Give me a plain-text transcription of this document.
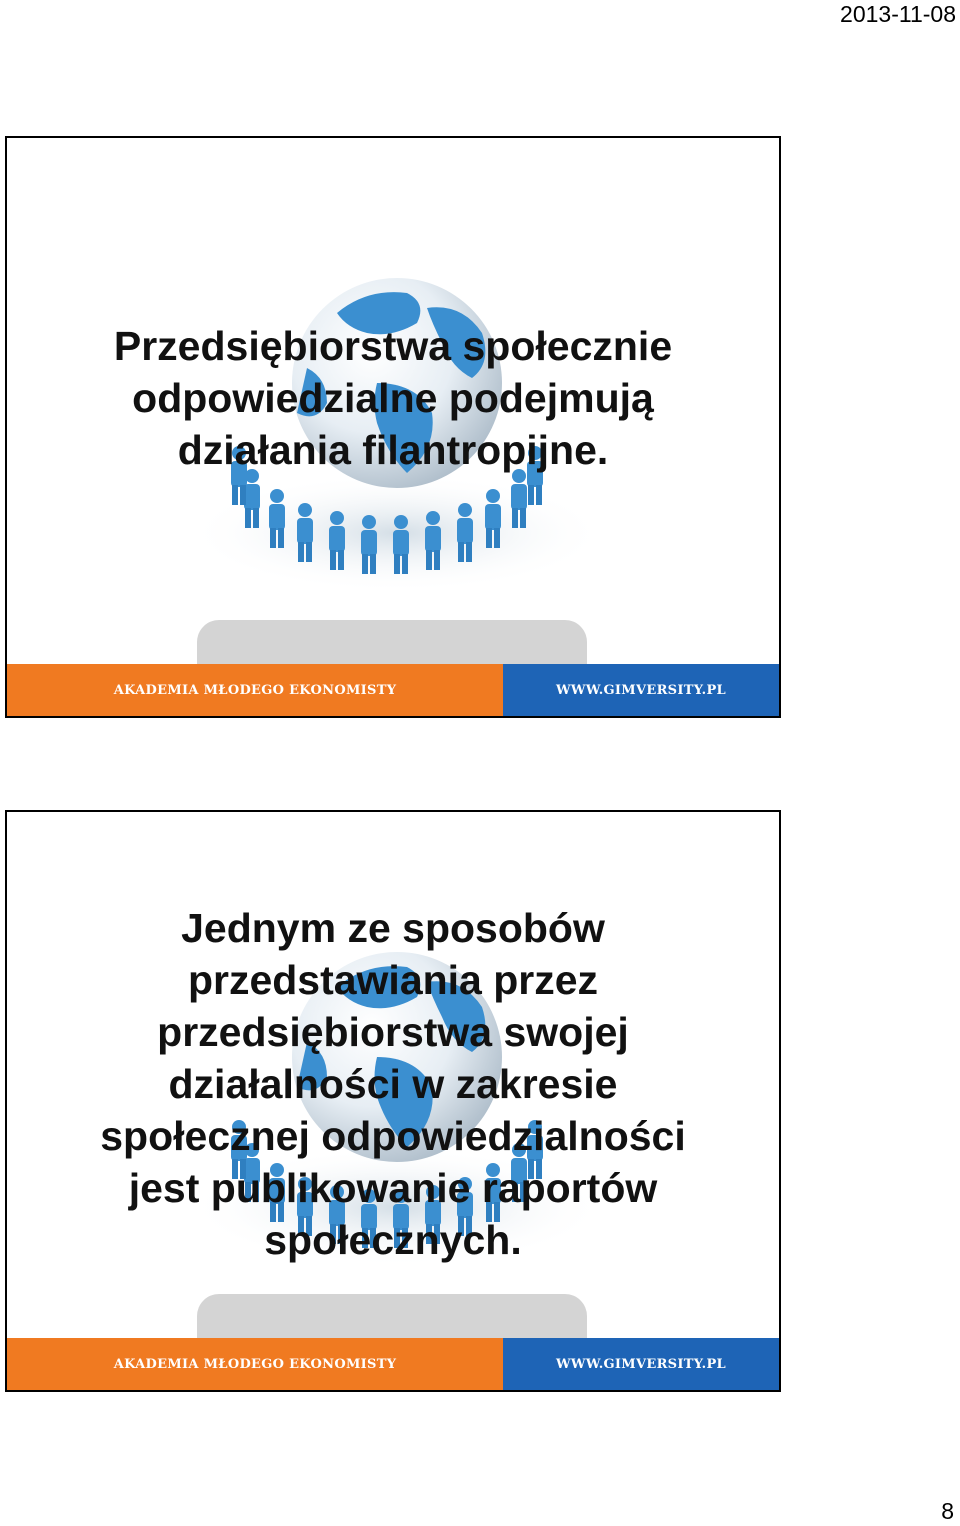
2013-11-08
Przedsiębiorstwa społecznie
odpowiedzialne podejmują
działania filantropijne.
AKADEMIA MŁODEGO EKONOMISTY	WWW.GIMVERSITY.PL
Jednym ze sposobów
przedstawiania przez
przedsiębiorstwa swojej
działalności w zakresie
społecznej odpowiedzialności
jest publikowanie raportów
społecznych.
AKADEMIA MŁODEGO EKONOMISTY	WWW.GIMVERSITY.PL
8
